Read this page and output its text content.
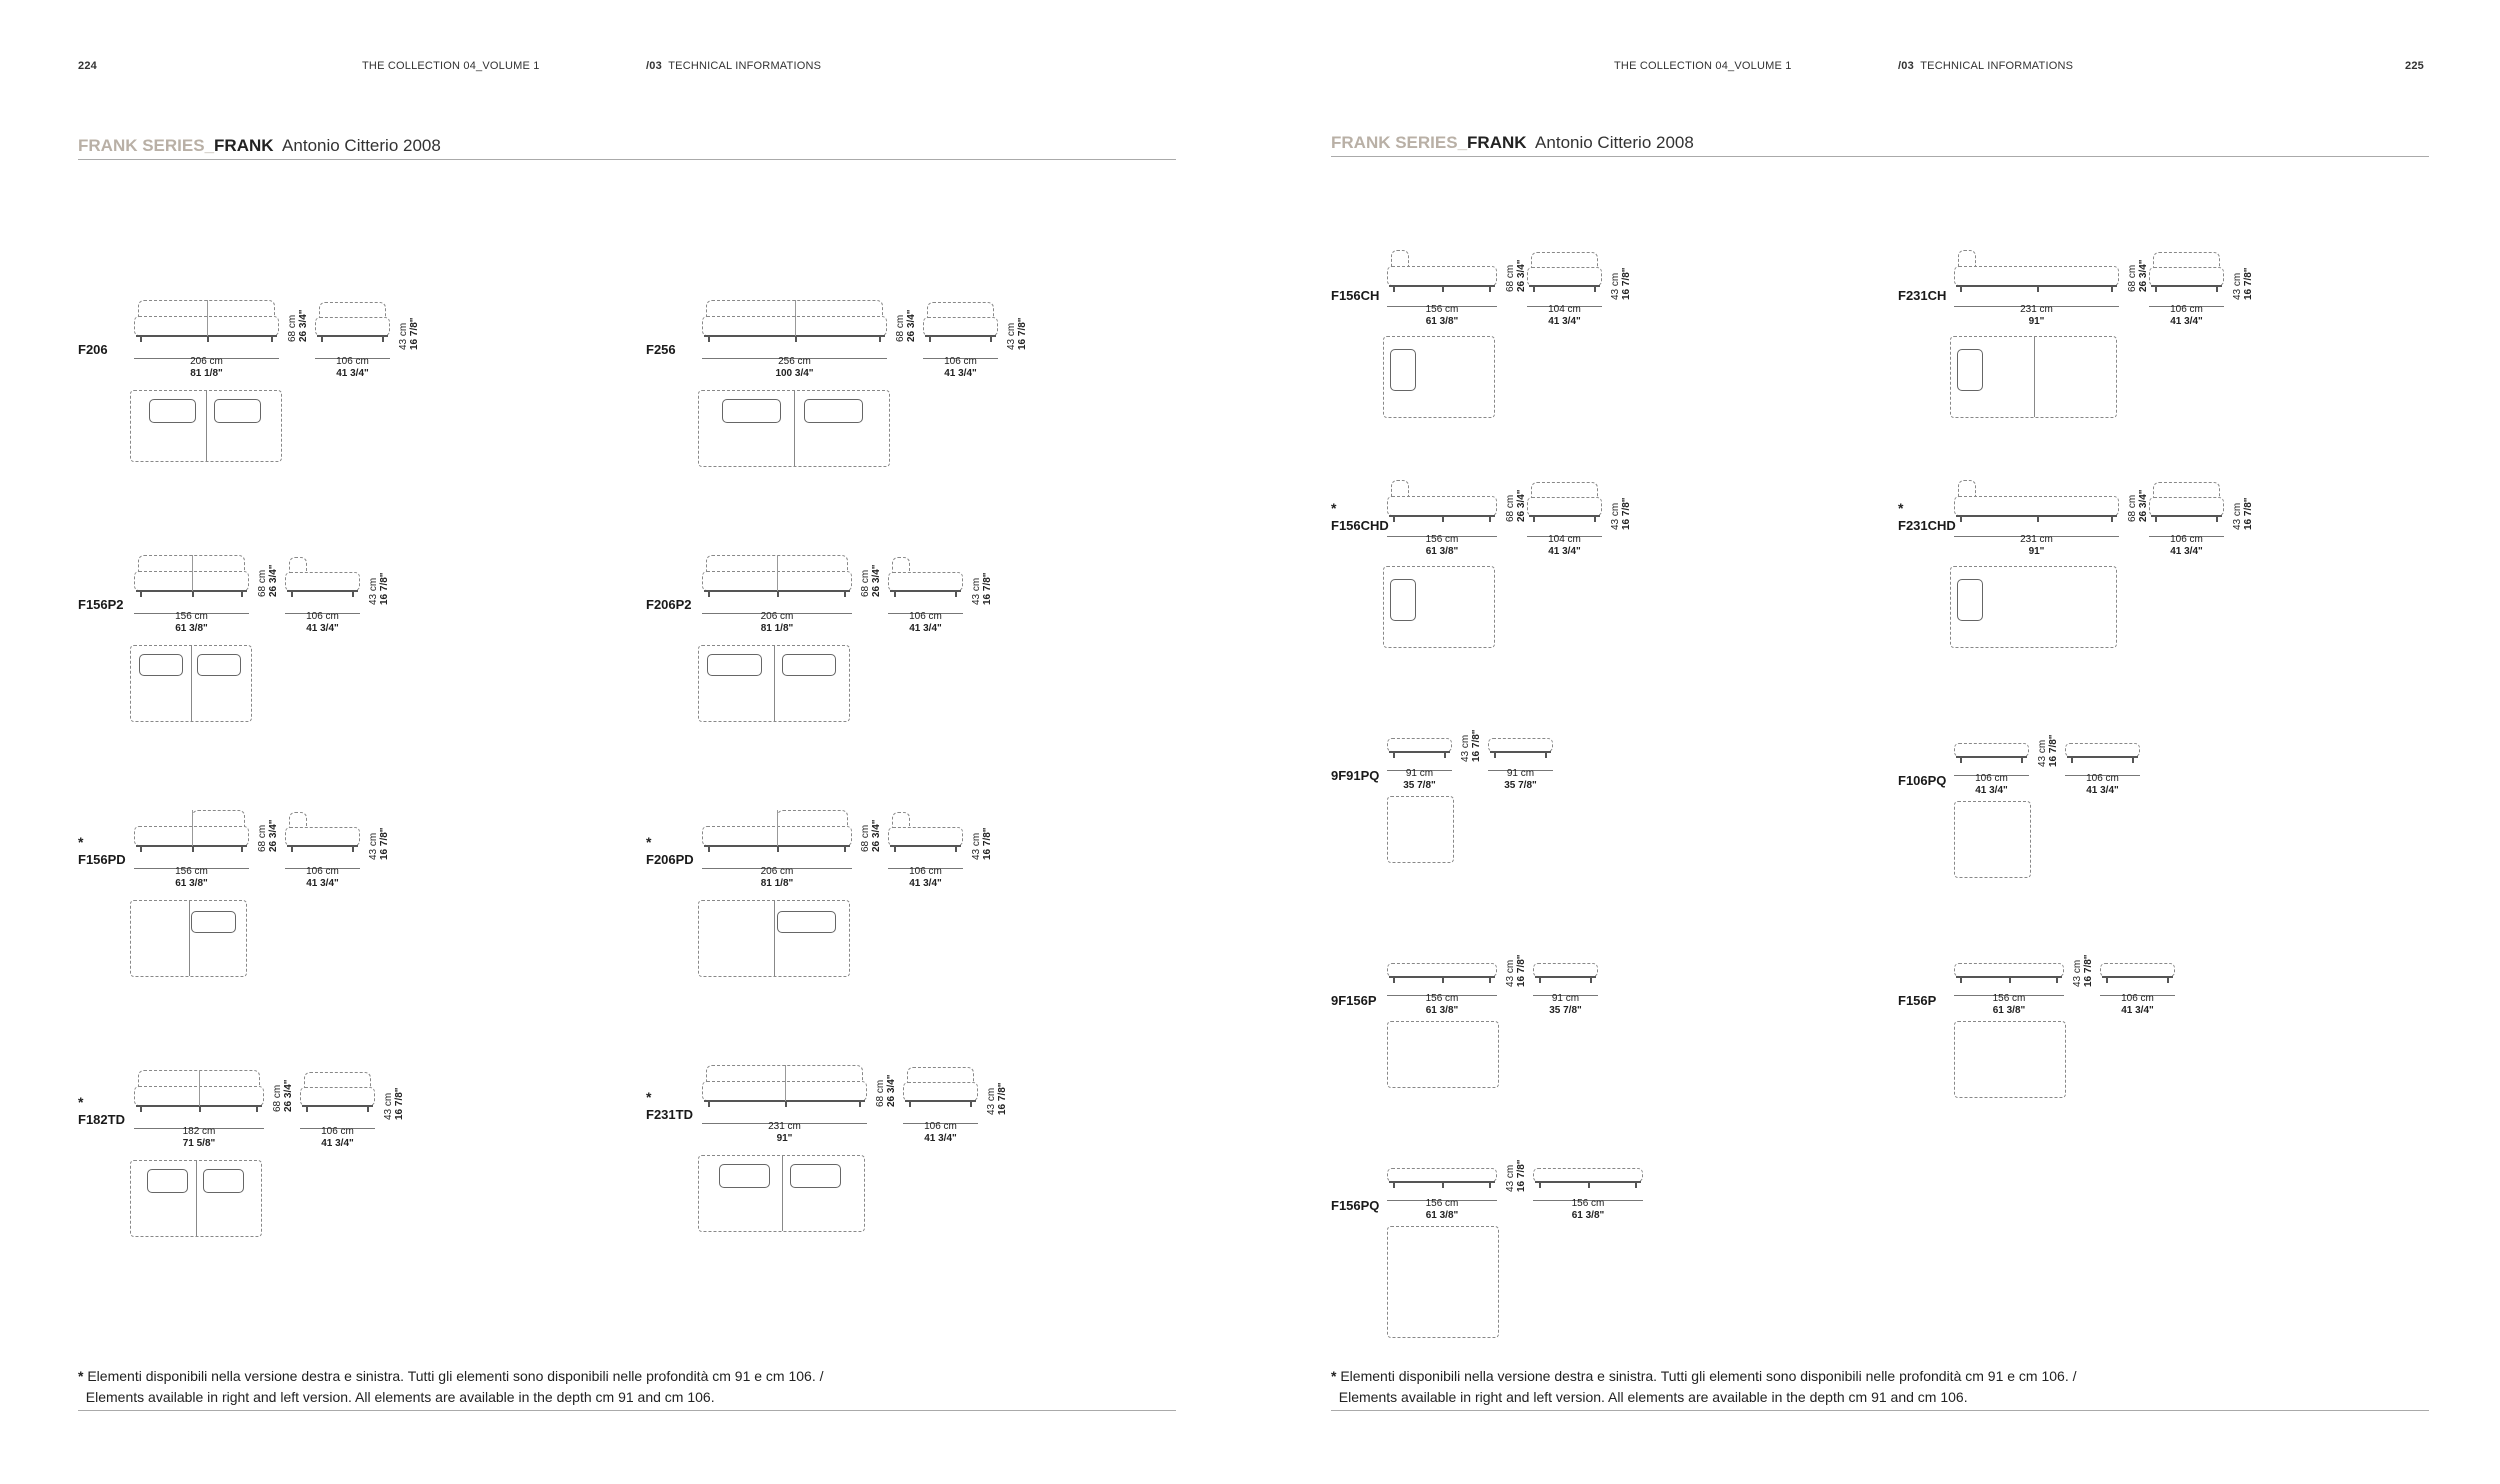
224	THE COLLECTION 04_VOLUME 1	/03 TECHNICAL INFORMATIONS
FRANK SERIES_FRANK Antonio Citterio 2008
THE COLLECTION 04_VOLUME 1	/03 TECHNICAL INFORMATIONS	225
FRANK SERIES_FRANK Antonio Citterio 2008
F206
68 cm 26 3/4"	43 cm 16 7/8"
206 cm
81 1/8"
106 cm
41 3/4"
F256
68 cm 26 3/4"	43 cm 16 7/8"
256 cm
100 3/4"
106 cm
41 3/4"
F156P2
68 cm 26 3/4"	43 cm 16 7/8"
156 cm
61 3/8"
106 cm
41 3/4"
F206P2
68 cm 26 3/4"	43 cm 16 7/8"
206 cm
81 1/8"
106 cm
41 3/4"
*
F156PD
68 cm 26 3/4"	43 cm 16 7/8"
156 cm
61 3/8"
106 cm
41 3/4"
*
F206PD
68 cm 26 3/4"	43 cm 16 7/8"
206 cm
81 1/8"
106 cm
41 3/4"
*
F182TD
68 cm 26 3/4"	43 cm 16 7/8"
182 cm
71 5/8"
106 cm
41 3/4"
*
F231TD
68 cm 26 3/4"	43 cm 16 7/8"
231 cm
91"
106 cm
41 3/4"
F156CH
68 cm 26 3/4"	43 cm 16 7/8"
156 cm
61 3/8"
104 cm
41 3/4"
F231CH
68 cm 26 3/4"	43 cm 16 7/8"
231 cm
91"
106 cm
41 3/4"
*
F156CHD
68 cm 26 3/4"	43 cm 16 7/8"
156 cm
61 3/8"
104 cm
41 3/4"
*
F231CHD
68 cm 26 3/4"	43 cm 16 7/8"
231 cm
91"
106 cm
41 3/4"
9F91PQ
43 cm 16 7/8"
91 cm
35 7/8"
91 cm
35 7/8"	F106PQ
43 cm 16 7/8"
106 cm
41 3/4"
106 cm
41 3/4"
9F156P
43 cm 16 7/8"
156 cm
61 3/8"
91 cm
35 7/8"
F156P
43 cm 16 7/8"
156 cm
61 3/8"
106 cm
41 3/4"
F156PQ
43 cm 16 7/8"
156 cm
61 3/8"
156 cm
61 3/8"
* Elementi disponibili nella versione destra e sinistra. Tutti gli elementi sono disponibili nelle profondità cm 91 e cm 106. /
Elements available in right and left version. All elements are available in the depth cm 91 and cm 106.
* Elementi disponibili nella versione destra e sinistra. Tutti gli elementi sono disponibili nelle profondità cm 91 e cm 106. /
Elements available in right and left version. All elements are available in the depth cm 91 and cm 106.
